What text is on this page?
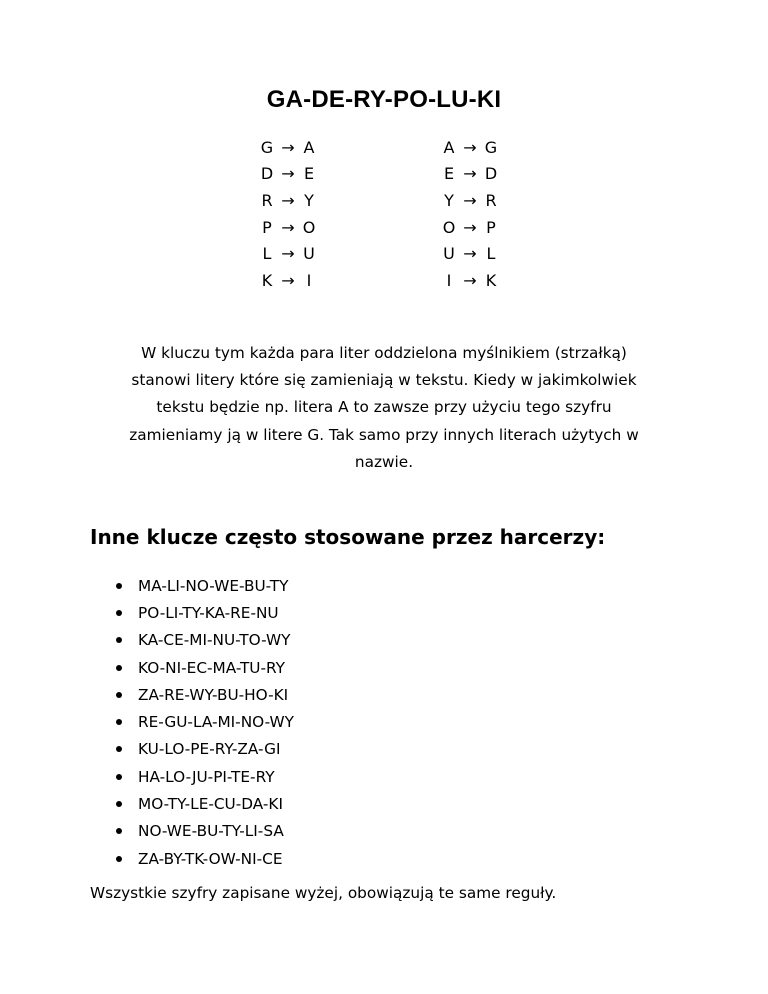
GA-DE-RY-PO-LU-KI
G → A
D → E
R → Y
P → O
L → U
K → I
A → G
E → D
Y → R
O → P
U → L
I → K
W kluczu tym każda para liter oddzielona myślnikiem (strzałką)
stanowi litery które się zamieniają w tekstu. Kiedy w jakimkolwiek
tekstu będzie np. litera A to zawsze przy użyciu tego szyfru
zamieniamy ją w litere G. Tak samo przy innych literach użytych w
nazwie.
Inne klucze często stosowane przez harcerzy:
MA-LI-NO-WE-BU-TY
PO-LI-TY-KA-RE-NU
KA-CE-MI-NU-TO-WY
KO-NI-EC-MA-TU-RY
ZA-RE-WY-BU-HO-KI
RE-GU-LA-MI-NO-WY
KU-LO-PE-RY-ZA-GI
HA-LO-JU-PI-TE-RY
MO-TY-LE-CU-DA-KI
NO-WE-BU-TY-LI-SA
ZA-BY-TK-OW-NI-CE
Wszystkie szyfry zapisane wyżej, obowiązują te same reguły.
